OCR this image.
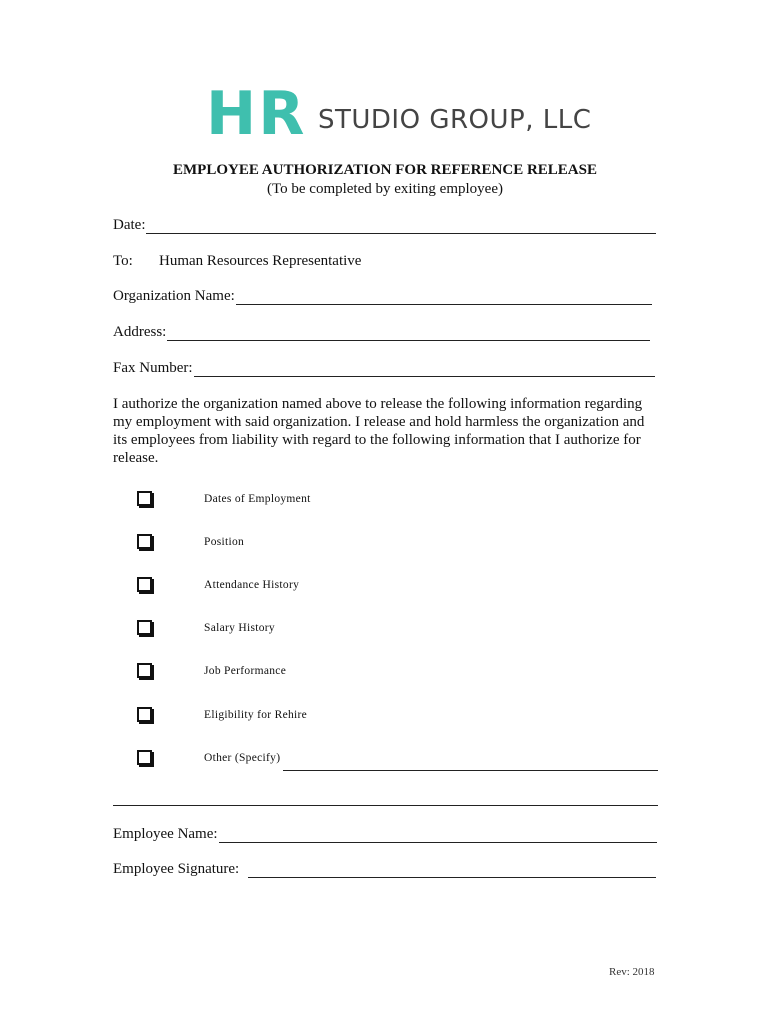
HR STUDIO GROUP, LLC
EMPLOYEE AUTHORIZATION FOR REFERENCE RELEASE
(To be completed by exiting employee)
Date:
To: Human Resources Representative
Organization Name:
Address:
Fax Number:
I authorize the organization named above to release the following information regarding my employment with said organization. I release and hold harmless the organization and its employees from liability with regard to the following information that I authorize for release.
Dates of Employment
Position
Attendance History
Salary History
Job Performance
Eligibility for Rehire
Other (Specify)
Employee Name:
Employee Signature:
Rev: 2018
